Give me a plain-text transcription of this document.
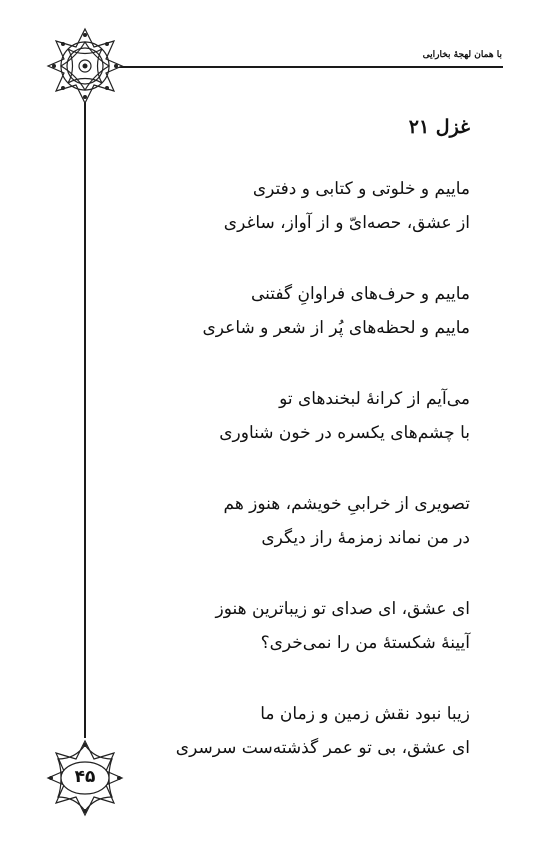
با همان لهجهٔ بخارایی
۴۵
غزل ۲۱
ماییم و خلوتی و کتابی و دفتری
از عشق، حصه‌ایّ و از آواز، ساغری
ماییم و حرف‌های فراوانِ گفتنی
ماییم و لحظه‌های پُر از شعر و شاعری
می‌آیم از کرانهٔ لبخندهای تو
با چشم‌های یکسره در خون شناوری
تصویری از خرابیِ خویشم، هنوز هم
در من نماند زمزمهٔ راز دیگری
ای عشق، ای صدای تو زیباترین هنوز
آیینهٔ شکستهٔ من را نمی‌خری؟
زیبا نبود نقش زمین و زمان ما
ای عشق، بی تو عمر گذشته‌ست سرسری
